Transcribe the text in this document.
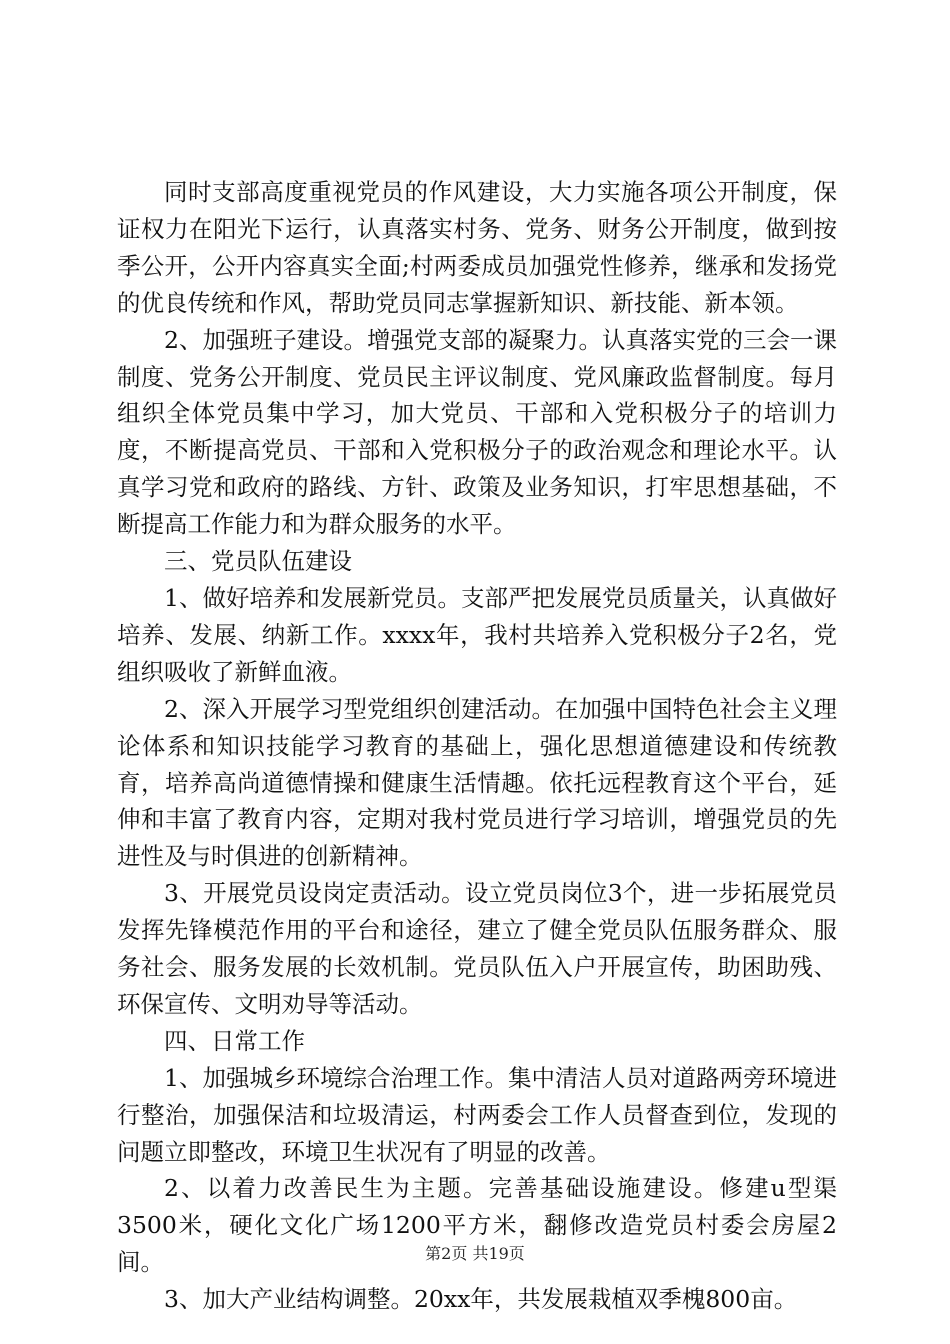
同时支部高度重视党员的作风建设，大力实施各项公开制度，保证权力在阳光下运行，认真落实村务、党务、财务公开制度，做到按季公开，公开内容真实全面;村两委成员加强党性修养，继承和发扬党的优良传统和作风，帮助党员同志掌握新知识、新技能、新本领。

2、加强班子建设。增强党支部的凝聚力。认真落实党的三会一课制度、党务公开制度、党员民主评议制度、党风廉政监督制度。每月组织全体党员集中学习，加大党员、干部和入党积极分子的培训力度，不断提高党员、干部和入党积极分子的政治观念和理论水平。认真学习党和政府的路线、方针、政策及业务知识，打牢思想基础，不断提高工作能力和为群众服务的水平。

三、党员队伍建设

1、做好培养和发展新党员。支部严把发展党员质量关，认真做好培养、发展、纳新工作。xxxx年，我村共培养入党积极分子2名，党组织吸收了新鲜血液。

2、深入开展学习型党组织创建活动。在加强中国特色社会主义理论体系和知识技能学习教育的基础上，强化思想道德建设和传统教育，培养高尚道德情操和健康生活情趣。依托远程教育这个平台，延伸和丰富了教育内容，定期对我村党员进行学习培训，增强党员的先进性及与时俱进的创新精神。

3、开展党员设岗定责活动。设立党员岗位3个，进一步拓展党员发挥先锋模范作用的平台和途径，建立了健全党员队伍服务群众、服务社会、服务发展的长效机制。党员队伍入户开展宣传，助困助残、环保宣传、文明劝导等活动。

四、日常工作

1、加强城乡环境综合治理工作。集中清洁人员对道路两旁环境进行整治，加强保洁和垃圾清运，村两委会工作人员督查到位，发现的问题立即整改，环境卫生状况有了明显的改善。

2、以着力改善民生为主题。完善基础设施建设。修建u型渠3500米，硬化文化广场1200平方米，翻修改造党员村委会房屋2间。

3、加大产业结构调整。20xx年，共发展栽植双季槐800亩。

第2页 共19页
